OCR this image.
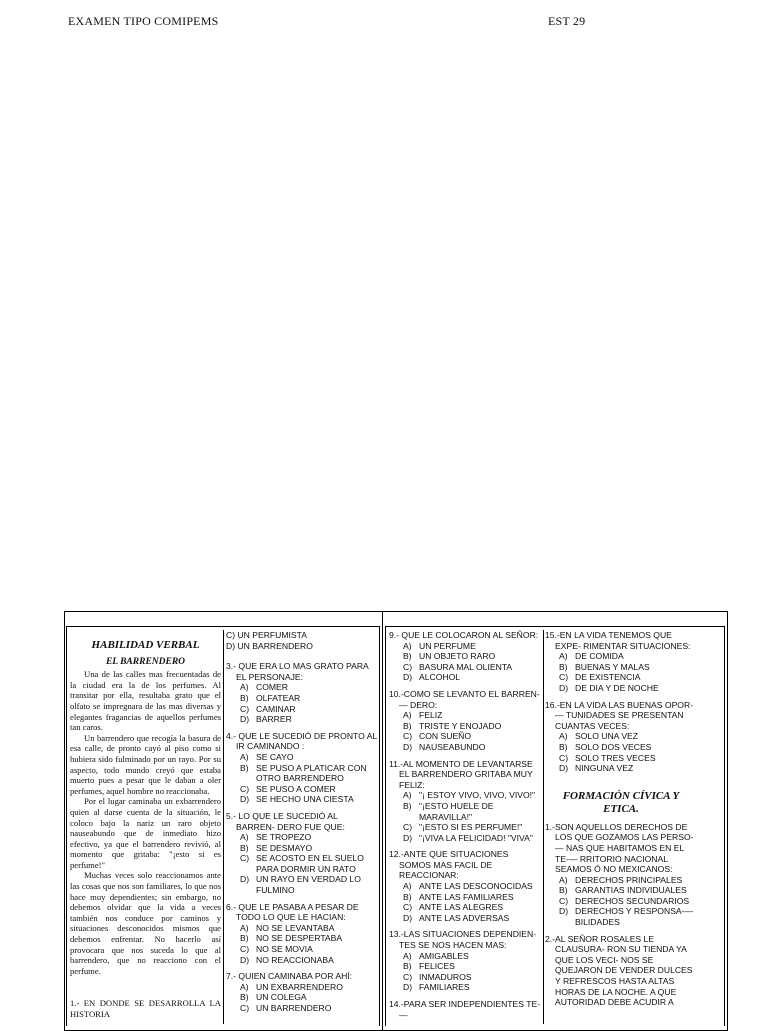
EXAMEN TIPO COMIPEMS	EST 29
HABILIDAD VERBAL
EL BARRENDERO

Una de las calles mas frecuentadas de la ciudad era la de los perfumes. Al transitar por ella, resultaba grato que el olfato se impregnara de las mas diversas y elegantes fragancias de aquellos perfumes tan caros.

Un barrendero que recogía la basura de esa calle, de pronto cayó al piso como si hubiera sido fulminado por un rayo. Por su aspecto, todo mundo creyó que estaba muerto pues a pesar que le daban a oler perfumes, aquel hombre no reaccionaba.

Por el lugar caminaba un exbarrendero quien al darse cuenta de la situación, le coloco bajo la nariz un raro objeto nauseabundo que de inmediato hizo efectivo, ya que el barrendero revivió, al momento que gritaba: "¡esto si es perfume!"

Muchas veces solo reaccionamos ante las cosas que nos son familiares, lo que nos hace muy dependientes; sin embargo, no debemos olvidar que la vida a veces también nos conduce por caminos y situaciones desconocidos mismos que debemos enfrentar. No hacerlo así provocara que nos suceda lo que al barrendero, que no reacciono con el perfume.

1.- EN DONDE SE DESARROLLA LA HISTORIA

C) UN PERFUMISTA
D) UN BARRENDERO
3.- QUE ERA LO MAS GRATO PARA EL PERSONAJE:
A) COMER
B) OLFATEAR
C) CAMINAR
D) BARRER
4.- QUE LE SUCEDIÓ DE PRONTO AL IR CAMINANDO :
A) SE CAYO
B) SE PUSO A PLATICAR CON OTRO BARRENDERO
C) SE PUSO A COMER
D) SE HECHO UNA CIESTA
5.- LO QUE LE SUCEDIÓ AL BARREN- DERO FUE QUE:
A) SE TROPEZO
B) SE DESMAYO
C) SE ACOSTO EN EL SUELO PARA DORMIR UN RATO
D) UN RAYO EN VERDAD LO FULMINO
6.- QUE LE PASABA A PESAR DE TODO LO QUE LE HACIAN:
A) NO SE LEVANTABA
B) NO SE DESPERTABA
C) NO SE MOVIA
D) NO REACCIONABA
7.- QUIEN CAMINABA POR AHÍ:
A) UN EXBARRENDERO
B) UN COLEGA
C) UN BARRENDERO
9.- QUE LE COLOCARON AL SEÑOR:
A) UN PERFUME
B) UN OBJETO RARO
C) BASURA MAL OLIENTA
D) ALCOHOL
10.-COMO SE LEVANTO EL BARREN-— DERO:
A) FELIZ
B) TRISTE Y ENOJADO
C) CON SUEÑO
D) NAUSEABUNDO
11.-AL MOMENTO DE LEVANTARSE EL BARRENDERO GRITABA MUY FELIZ:
A) "¡ ESTOY VIVO, VIVO, VIVO!"
B) "¡ESTO HUELE DE MARAVILLA!"
C) "¡ESTO SI ES PERFUME!"
D) "¡VIVA LA FELICIDAD! "VIVA"
12.-ANTE QUE SITUACIONES SOMOS MAS FACIL DE REACCIONAR:
A) ANTE LAS DESCONOCIDAS
B) ANTE LAS FAMILIARES
C) ANTE LAS ALEGRES
D) ANTE LAS ADVERSAS
13.-LAS SITUACIONES DEPENDIEN- TES SE NOS HACEN MAS:
A) AMIGABLES
B) FELICES
C) INMADUROS
D) FAMILIARES
14.-PARA SER INDEPENDIENTES TE-—
15.-EN LA VIDA TENEMOS QUE EXPE- RIMENTAR SITUACIONES:
A) DE COMIDA
B) BUENAS Y MALAS
C) DE EXISTENCIA
D) DE DIA Y DE NOCHE
16.-EN LA VIDA LAS BUENAS OPOR-— TUNIDADES SE PRESENTAN CUANTAS VECES:
A) SOLO UNA VEZ
B) SOLO DOS VECES
C) SOLO TRES VECES
D) NINGUNA VEZ
FORMACIÓN CÍVICA Y
ETICA.
1.-SON AQUELLOS DERECHOS DE LOS QUE GOZAMOS LAS PERSO-— NAS QUE HABITAMOS EN EL TE-— RRITORIO NACIONAL SEAMOS Ó NO MEXICANOS:
A) DERECHOS PRINCIPALES
B) GARANTIAS INDIVIDUALES
C) DERECHOS SECUNDARIOS
D) DERECHOS Y RESPONSA-— BILIDADES
2.-AL SEÑOR ROSALES LE CLAUSURA- RON SU TIENDA YA QUE LOS VECI- NOS SE QUEJARON DE VENDER DULCES Y REFRESCOS HASTA ALTAS HORAS DE LA NOCHE. A QUE AUTORIDAD DEBE ACUDIR A
